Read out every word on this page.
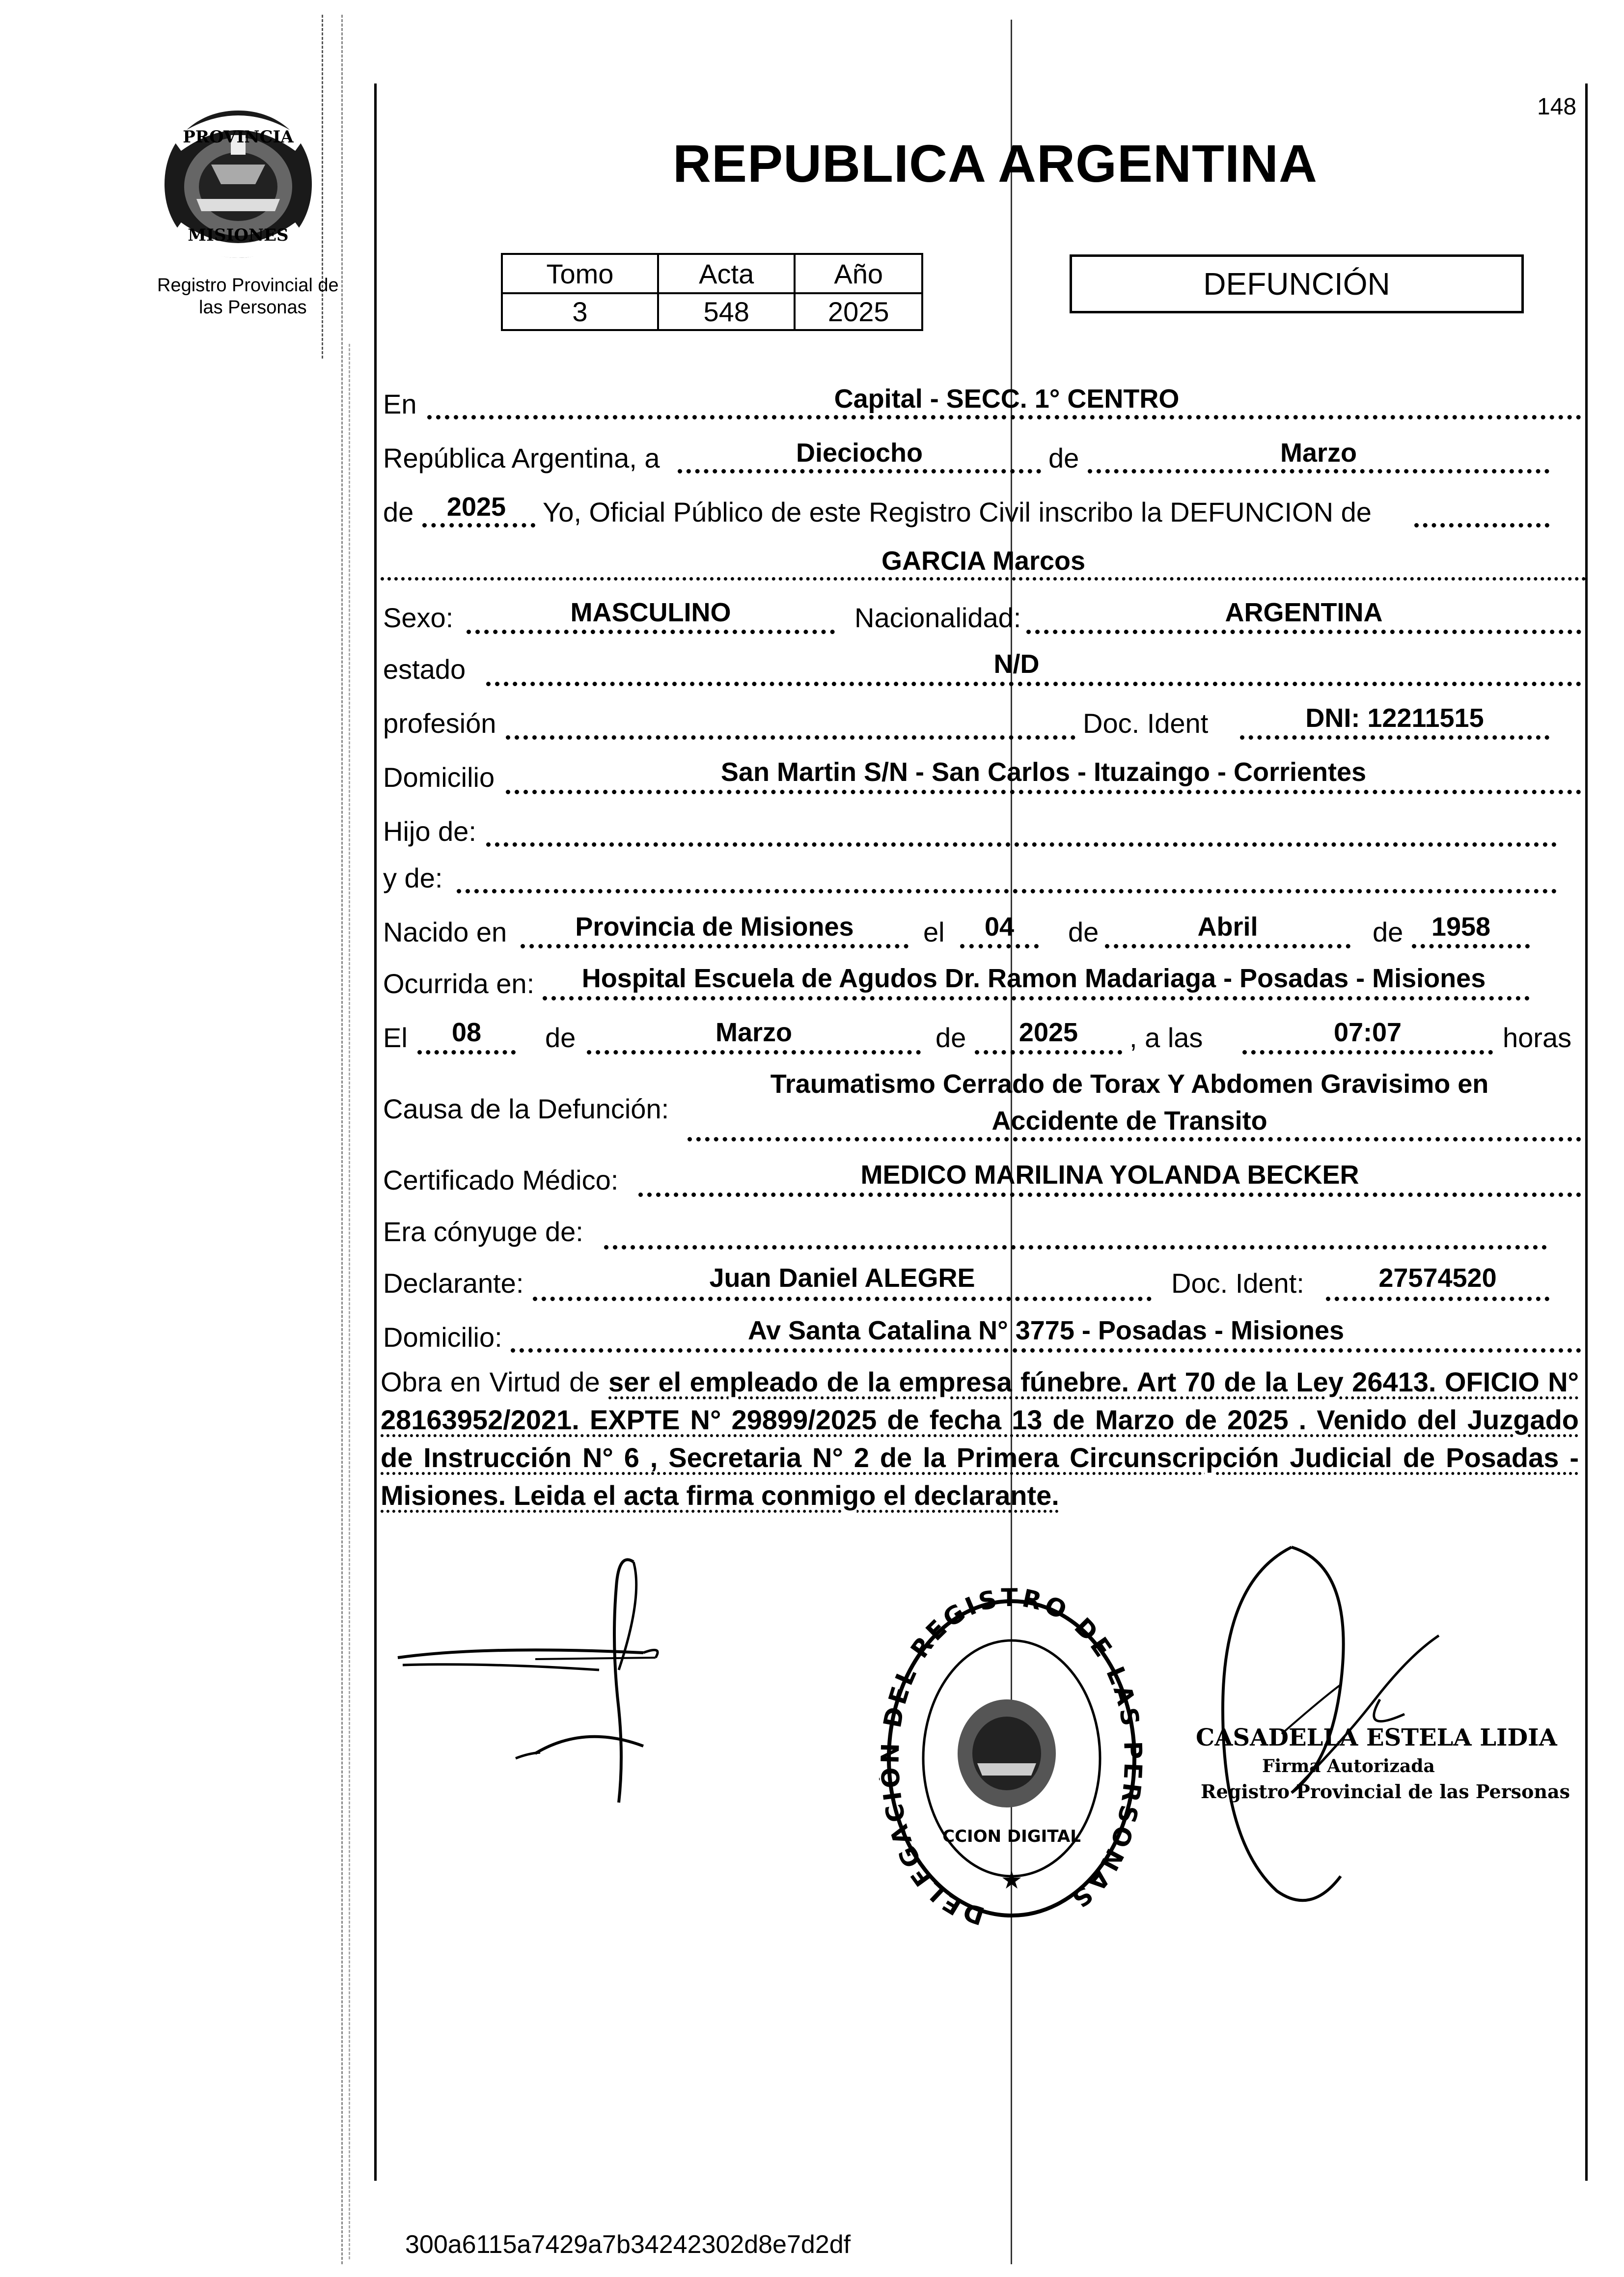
PROVINCIA
MISIONES
Registro Provincial de
las Personas
148
REPUBLICA ARGENTINA
Tomo	Acta	Año
3	548	2025
DEFUNCIÓN
En	Capital - SECC. 1° CENTRO
República Argentina, a	Dieciocho	de	Marzo
de	2025	Yo, Oficial Público de este Registro Civil inscribo la DEFUNCION de
GARCIA Marcos
Sexo:	MASCULINO	Nacionalidad:	ARGENTINA
estado	N/D
profesión	Doc. Ident	DNI: 12211515
Domicilio	San Martin S/N - San Carlos - Ituzaingo - Corrientes
Hijo de:
y de:
Nacido en	Provincia de Misiones	el	04	de	Abril	de	1958
Ocurrida en:	Hospital Escuela de Agudos Dr. Ramon Madariaga - Posadas - Misiones
El	08	de	Marzo	de	2025	, a las	07:07	horas
Causa de la Defunción:
Traumatismo Cerrado de Torax Y Abdomen Gravisimo en
Accidente de Transito
Certificado Médico:	MEDICO MARILINA YOLANDA BECKER
Era cónyuge de:
Declarante:	Juan Daniel ALEGRE	Doc. Ident:	27574520
Domicilio:	Av Santa Catalina N° 3775 - Posadas - Misiones
Obra en Virtud de ser el empleado de la empresa fúnebre. Art 70 de la Ley 26413. OFICIO N° 28163952/2021. EXPTE N° 29899/2025 de fecha 13 de Marzo de 2025 . Venido del Juzgado de Instrucción N° 6 , Secretaria N° 2 de la Primera Circunscripción Judicial de Posadas - Misiones. Leida el acta firma conmigo el declarante.
DELEGACI DEL REGISTRO DE LAS RSONAS
CCION DIGITAL
★
CASADELLA ESTELA LIDIA
Firma Autorizada
Registro Provincial de las Personas
300a6115a7429a7b34242302d8e7d2df
